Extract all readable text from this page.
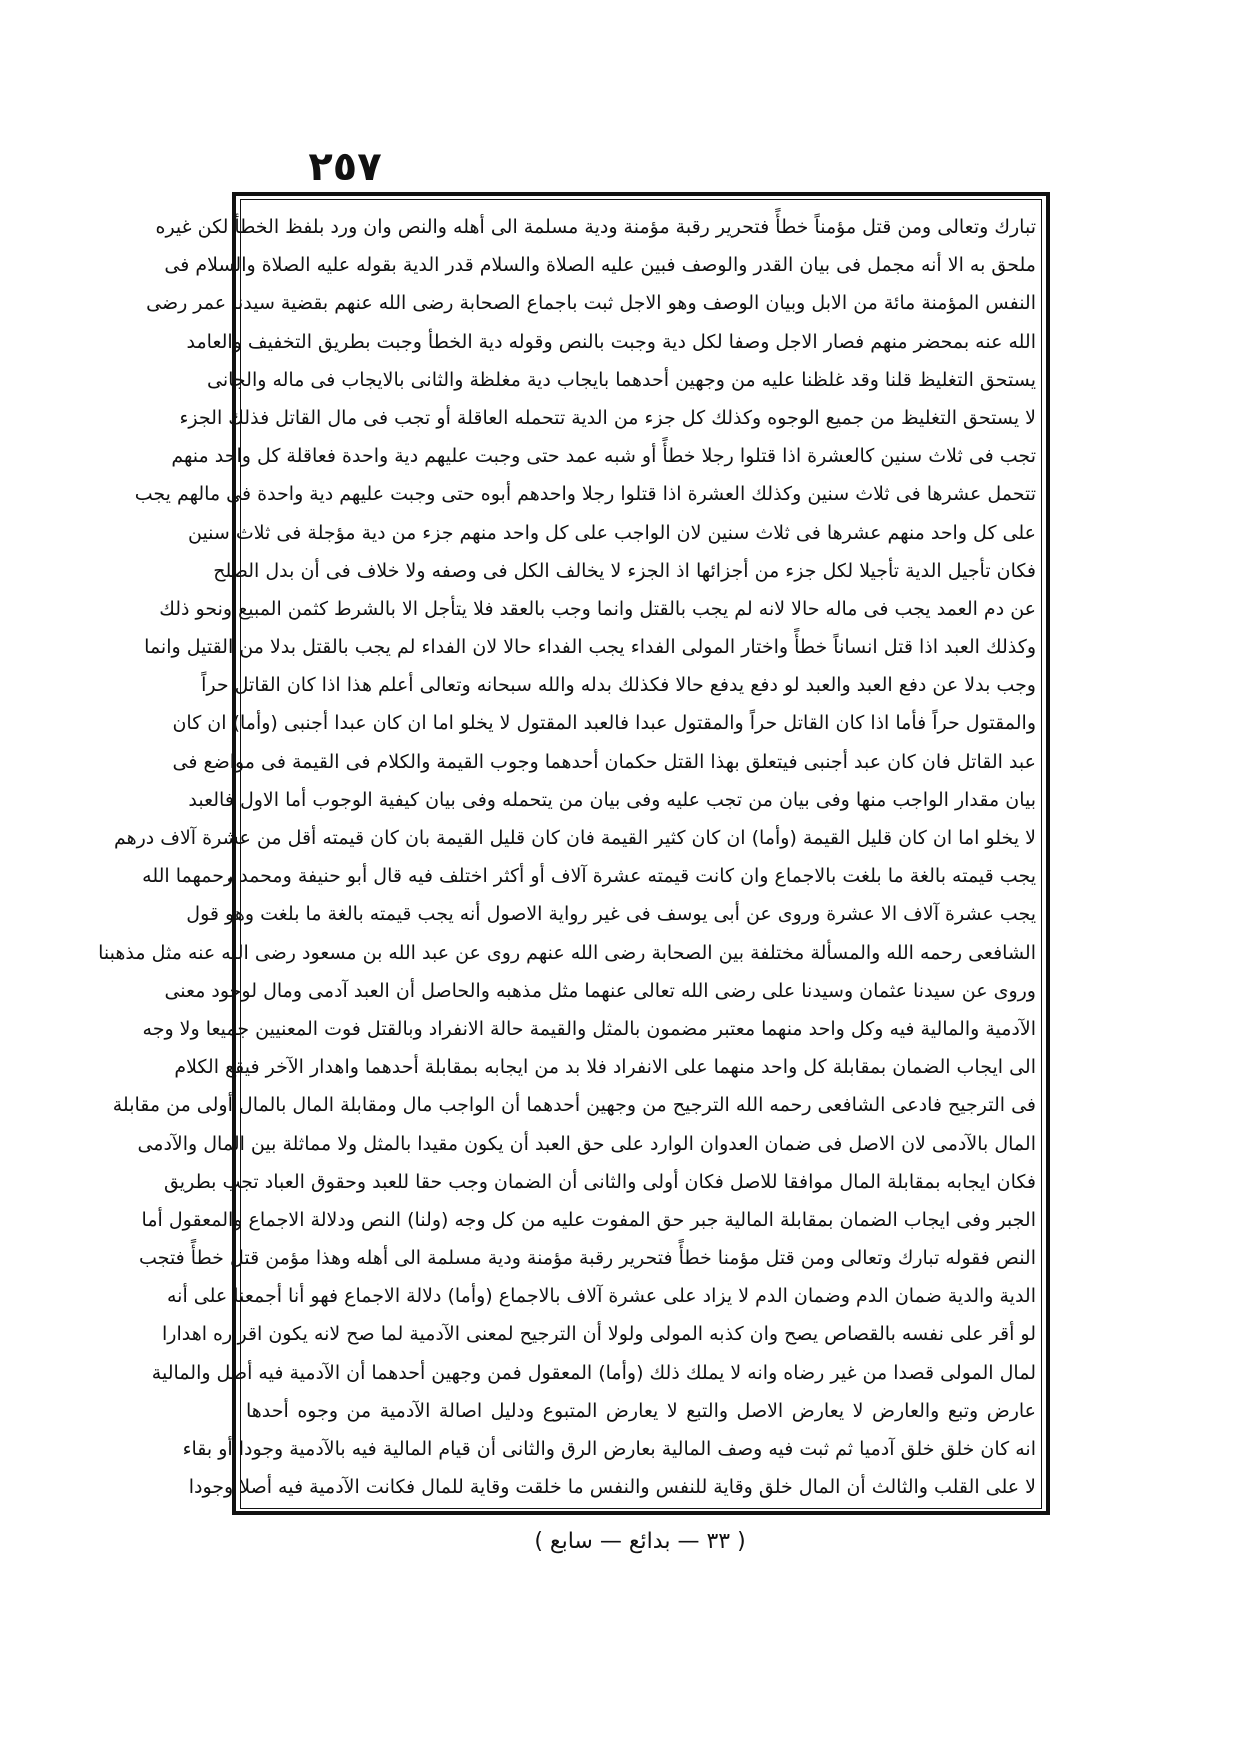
٢٥٧
تبارك وتعالى ومن قتل مؤمناً خطأً فتحرير رقبة مؤمنة ودية مسلمة الى أهله والنص وان ورد بلفظ الخطأ لكن غيره
ملحق به الا أنه مجمل فى بيان القدر والوصف فبين عليه الصلاة والسلام قدر الدية بقوله عليه الصلاة والسلام فى
النفس المؤمنة مائة من الابل وبيان الوصف وهو الاجل ثبت باجماع الصحابة رضى الله عنهم بقضية سيدنا عمر رضى
الله عنه بمحضر منهم فصار الاجل وصفا لكل دية وجبت بالنص وقوله دية الخطأ وجبت بطريق التخفيف والعامد
يستحق التغليظ قلنا وقد غلظنا عليه من وجهين أحدهما بايجاب دية مغلظة والثانى بالايجاب فى ماله والجانى
لا يستحق التغليظ من جميع الوجوه وكذلك كل جزء من الدية تتحمله العاقلة أو تجب فى مال القاتل فذلك الجزء
تجب فى ثلاث سنين كالعشرة اذا قتلوا رجلا خطأً أو شبه عمد حتى وجبت عليهم دية واحدة فعاقلة كل واحد منهم
تتحمل عشرها فى ثلاث سنين وكذلك العشرة اذا قتلوا رجلا واحدهم أبوه حتى وجبت عليهم دية واحدة فى مالهم يجب
على كل واحد منهم عشرها فى ثلاث سنين لان الواجب على كل واحد منهم جزء من دية مؤجلة فى ثلاث سنين
فكان تأجيل الدية تأجيلا لكل جزء من أجزائها اذ الجزء لا يخالف الكل فى وصفه ولا خلاف فى أن بدل الصلح
عن دم العمد يجب فى ماله حالا لانه لم يجب بالقتل وانما وجب بالعقد فلا يتأجل الا بالشرط كثمن المبيع ونحو ذلك
وكذلك العبد اذا قتل انساناً خطأً واختار المولى الفداء يجب الفداء حالا لان الفداء لم يجب بالقتل بدلا من القتيل وانما
وجب بدلا عن دفع العبد والعبد لو دفع يدفع حالا فكذلك بدله والله سبحانه وتعالى أعلم هذا اذا كان القاتل حراً
والمقتول حراً فأما اذا كان القاتل حراً والمقتول عبدا فالعبد المقتول لا يخلو اما ان كان عبدا أجنبى (وأما) ان كان
عبد القاتل فان كان عبد أجنبى فيتعلق بهذا القتل حكمان أحدهما وجوب القيمة والكلام فى القيمة فى مواضع فى
بيان مقدار الواجب منها وفى بيان من تجب عليه وفى بيان من يتحمله وفى بيان كيفية الوجوب أما الاول فالعبد
لا يخلو اما ان كان قليل القيمة (وأما) ان كان كثير القيمة فان كان قليل القيمة بان كان قيمته أقل من عشرة آلاف درهم
يجب قيمته بالغة ما بلغت بالاجماع وان كانت قيمته عشرة آلاف أو أكثر اختلف فيه قال أبو حنيفة ومحمد رحمهما الله
يجب عشرة آلاف الا عشرة وروى عن أبى يوسف فى غير رواية الاصول أنه يجب قيمته بالغة ما بلغت وهو قول
الشافعى رحمه الله والمسألة مختلفة بين الصحابة رضى الله عنهم روى عن عبد الله بن مسعود رضى الله عنه مثل مذهبنا
وروى عن سيدنا عثمان وسيدنا على رضى الله تعالى عنهما مثل مذهبه والحاصل أن العبد آدمى ومال لوجود معنى
الآدمية والمالية فيه وكل واحد منهما معتبر مضمون بالمثل والقيمة حالة الانفراد وبالقتل فوت المعنيين جميعا ولا وجه
الى ايجاب الضمان بمقابلة كل واحد منهما على الانفراد فلا بد من ايجابه بمقابلة أحدهما واهدار الآخر فيقع الكلام
فى الترجيح فادعى الشافعى رحمه الله الترجيح من وجهين أحدهما أن الواجب مال ومقابلة المال بالمال أولى من مقابلة
المال بالآدمى لان الاصل فى ضمان العدوان الوارد على حق العبد أن يكون مقيدا بالمثل ولا مماثلة بين المال والآدمى
فكان ايجابه بمقابلة المال موافقا للاصل فكان أولى والثانى أن الضمان وجب حقا للعبد وحقوق العباد تجب بطريق
الجبر وفى ايجاب الضمان بمقابلة المالية جبر حق المفوت عليه من كل وجه (ولنا) النص ودلالة الاجماع والمعقول أما
النص فقوله تبارك وتعالى ومن قتل مؤمنا خطأً فتحرير رقبة مؤمنة ودية مسلمة الى أهله وهذا مؤمن قتل خطأً فتجب
الدية والدية ضمان الدم وضمان الدم لا يزاد على عشرة آلاف بالاجماع (وأما) دلالة الاجماع فهو أنا أجمعنا على أنه
لو أقر على نفسه بالقصاص يصح وان كذبه المولى ولولا أن الترجيح لمعنى الآدمية لما صح لانه يكون اقراره اهدارا
لمال المولى قصدا من غير رضاه وانه لا يملك ذلك (وأما) المعقول فمن وجهين أحدهما أن الآدمية فيه أصل والمالية
عارض وتبع والعارض لا يعارض الاصل والتبع لا يعارض المتبوع ودليل اصالة الآدمية من وجوه أحدها
انه كان خلق خلق آدميا ثم ثبت فيه وصف المالية بعارض الرق والثانى أن قيام المالية فيه بالآدمية وجودا أو بقاء
لا على القلب والثالث أن المال خلق وقاية للنفس والنفس ما خلقت وقاية للمال فكانت الآدمية فيه أصلا وجودا
( ٣٣ — بدائع — سابع )
